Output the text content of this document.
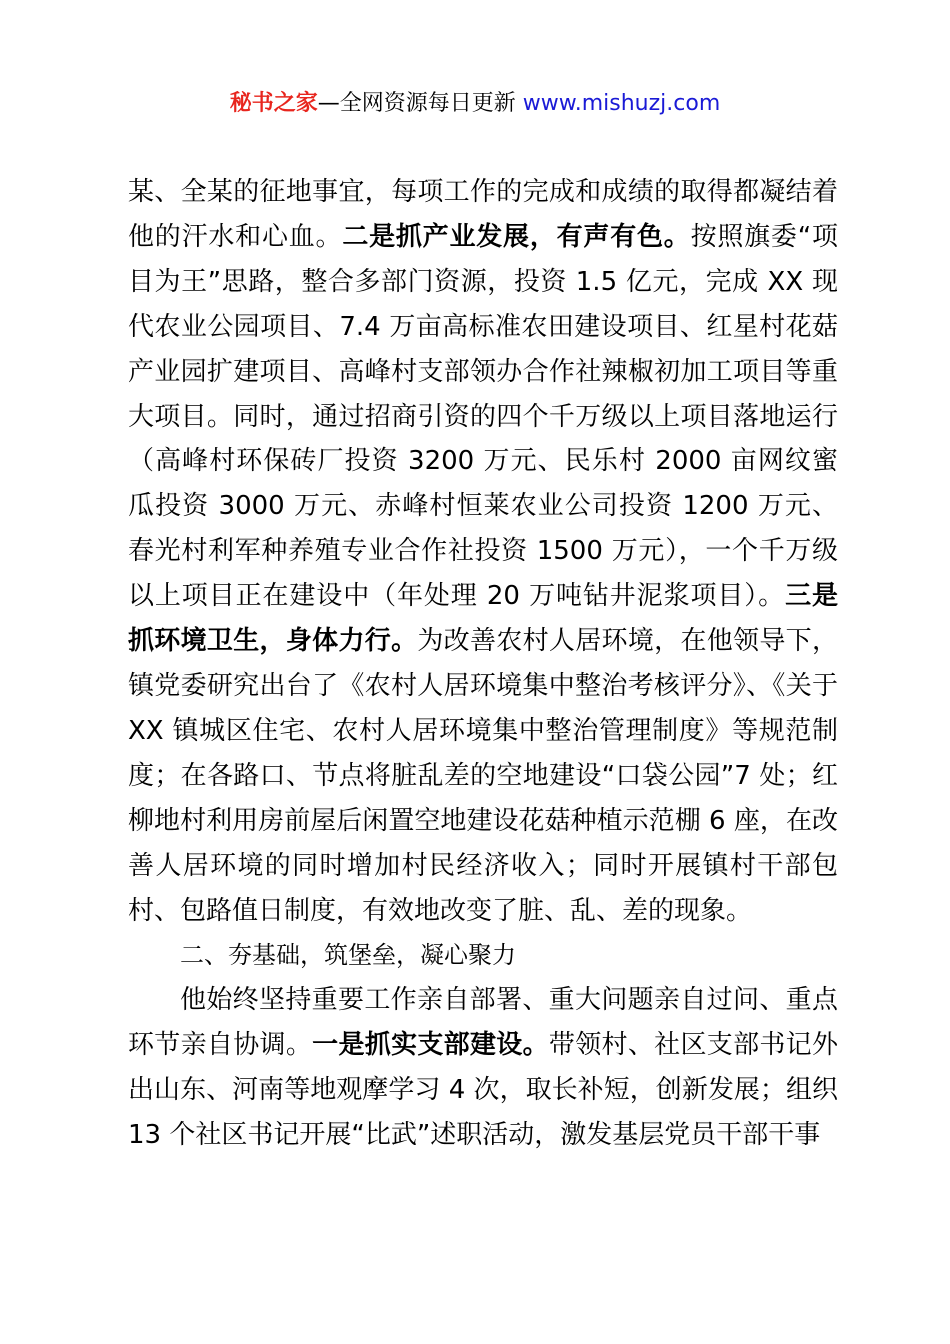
秘书之家—全网资源每日更新 www.mishuzj.com

某、全某的征地事宜，每项工作的完成和成绩的取得都凝结着他的汗水和心血。二是抓产业发展，有声有色。按照旗委“项目为王”思路，整合多部门资源，投资 1.5 亿元，完成 XX 现代农业公园项目、7.4 万亩高标准农田建设项目、红星村花菇产业园扩建项目、高峰村支部领办合作社辣椒初加工项目等重大项目。同时，通过招商引资的四个千万级以上项目落地运行（高峰村环保砖厂投资 3200 万元、民乐村 2000 亩网纹蜜瓜投资 3000 万元、赤峰村恒莱农业公司投资 1200 万元、春光村利军种养殖专业合作社投资 1500 万元），一个千万级以上项目正在建设中（年处理 20 万吨钻井泥浆项目）。三是抓环境卫生，身体力行。为改善农村人居环境，在他领导下，镇党委研究出台了《农村人居环境集中整治考核评分》、《关于 XX 镇城区住宅、农村人居环境集中整治管理制度》等规范制度；在各路口、节点将脏乱差的空地建设“口袋公园”7 处；红柳地村利用房前屋后闲置空地建设花菇种植示范棚 6 座，在改善人居环境的同时增加村民经济收入；同时开展镇村干部包村、包路值日制度，有效地改变了脏、乱、差的现象。

二、夯基础，筑堡垒，凝心聚力

他始终坚持重要工作亲自部署、重大问题亲自过问、重点环节亲自协调。一是抓实支部建设。带领村、社区支部书记外出山东、河南等地观摩学习 4 次，取长补短，创新发展；组织 13 个社区书记开展“比武”述职活动，激发基层党员干部干事
